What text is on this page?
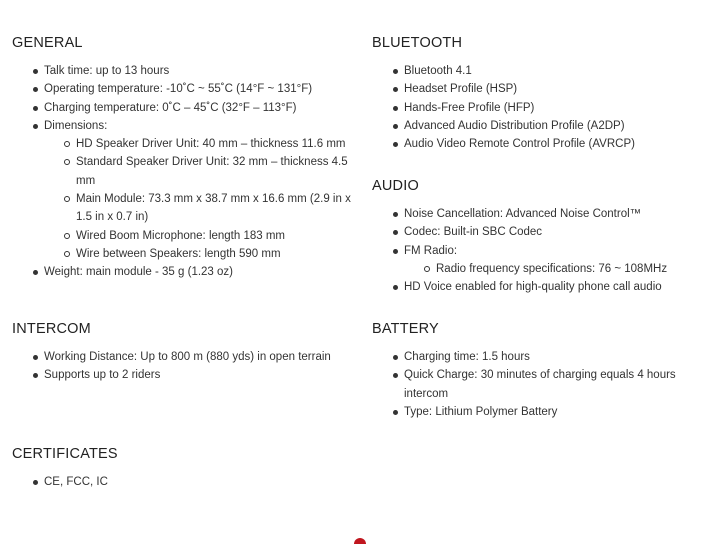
GENERAL
Talk time: up to 13 hours
Operating temperature: -10˚C ~ 55˚C (14°F ~ 131°F)
Charging temperature: 0˚C – 45˚C (32°F – 113°F)
Dimensions:
HD Speaker Driver Unit: 40 mm – thickness 11.6 mm
Standard Speaker Driver Unit: 32 mm – thickness 4.5 mm
Main Module: 73.3 mm x 38.7 mm x 16.6 mm (2.9 in x 1.5 in x 0.7 in)
Wired Boom Microphone: length 183 mm
Wire between Speakers: length 590 mm
Weight: main module - 35 g (1.23 oz)
INTERCOM
Working Distance: Up to 800 m (880 yds) in open terrain
Supports up to 2 riders
CERTIFICATES
CE, FCC, IC
BLUETOOTH
Bluetooth 4.1
Headset Profile (HSP)
Hands-Free Profile (HFP)
Advanced Audio Distribution Profile (A2DP)
Audio Video Remote Control Profile (AVRCP)
AUDIO
Noise Cancellation: Advanced Noise Control™
Codec: Built-in SBC Codec
FM Radio:
Radio frequency specifications: 76 ~ 108MHz
HD Voice enabled for high-quality phone call audio
BATTERY
Charging time: 1.5 hours
Quick Charge: 30 minutes of charging equals 4 hours intercom
Type: Lithium Polymer Battery
